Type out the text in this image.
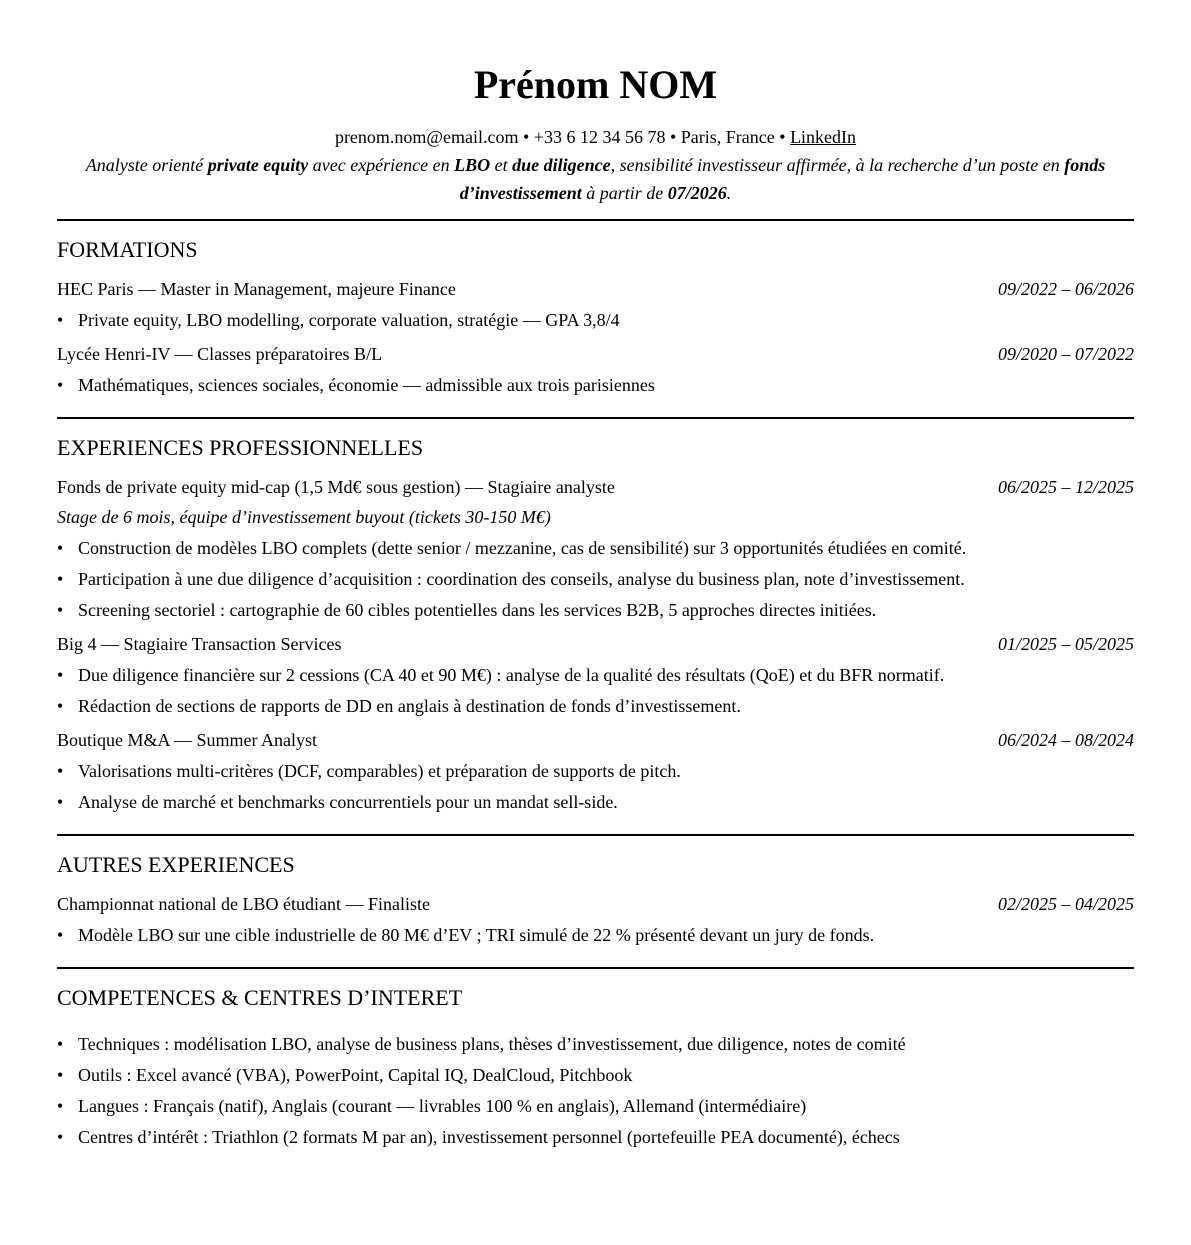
Prénom NOM
prenom.nom@email.com • +33 6 12 34 56 78 • Paris, France • LinkedIn
Analyste orienté private equity avec expérience en LBO et due diligence, sensibilité investisseur affirmée, à la recherche d’un poste en fonds d’investissement à partir de 07/2026.
FORMATIONS
HEC Paris — Master in Management, majeure Finance	09/2022 – 06/2026
• Private equity, LBO modelling, corporate valuation, stratégie — GPA 3,8/4
Lycée Henri-IV — Classes préparatoires B/L	09/2020 – 07/2022
• Mathématiques, sciences sociales, économie — admissible aux trois parisiennes
EXPERIENCES PROFESSIONNELLES
Fonds de private equity mid-cap (1,5 Md€ sous gestion) — Stagiaire analyste	06/2025 – 12/2025
Stage de 6 mois, équipe d’investissement buyout (tickets 30-150 M€)
• Construction de modèles LBO complets (dette senior / mezzanine, cas de sensibilité) sur 3 opportunités étudiées en comité.
• Participation à une due diligence d’acquisition : coordination des conseils, analyse du business plan, note d’investissement.
• Screening sectoriel : cartographie de 60 cibles potentielles dans les services B2B, 5 approches directes initiées.
Big 4 — Stagiaire Transaction Services	01/2025 – 05/2025
• Due diligence financière sur 2 cessions (CA 40 et 90 M€) : analyse de la qualité des résultats (QoE) et du BFR normatif.
• Rédaction de sections de rapports de DD en anglais à destination de fonds d’investissement.
Boutique M&A — Summer Analyst	06/2024 – 08/2024
• Valorisations multi-critères (DCF, comparables) et préparation de supports de pitch.
• Analyse de marché et benchmarks concurrentiels pour un mandat sell-side.
AUTRES EXPERIENCES
Championnat national de LBO étudiant — Finaliste	02/2025 – 04/2025
• Modèle LBO sur une cible industrielle de 80 M€ d’EV ; TRI simulé de 22 % présenté devant un jury de fonds.
COMPETENCES & CENTRES D’INTERET
• Techniques : modélisation LBO, analyse de business plans, thèses d’investissement, due diligence, notes de comité
• Outils : Excel avancé (VBA), PowerPoint, Capital IQ, DealCloud, Pitchbook
• Langues : Français (natif), Anglais (courant — livrables 100 % en anglais), Allemand (intermédiaire)
• Centres d’intérêt : Triathlon (2 formats M par an), investissement personnel (portefeuille PEA documenté), échecs
